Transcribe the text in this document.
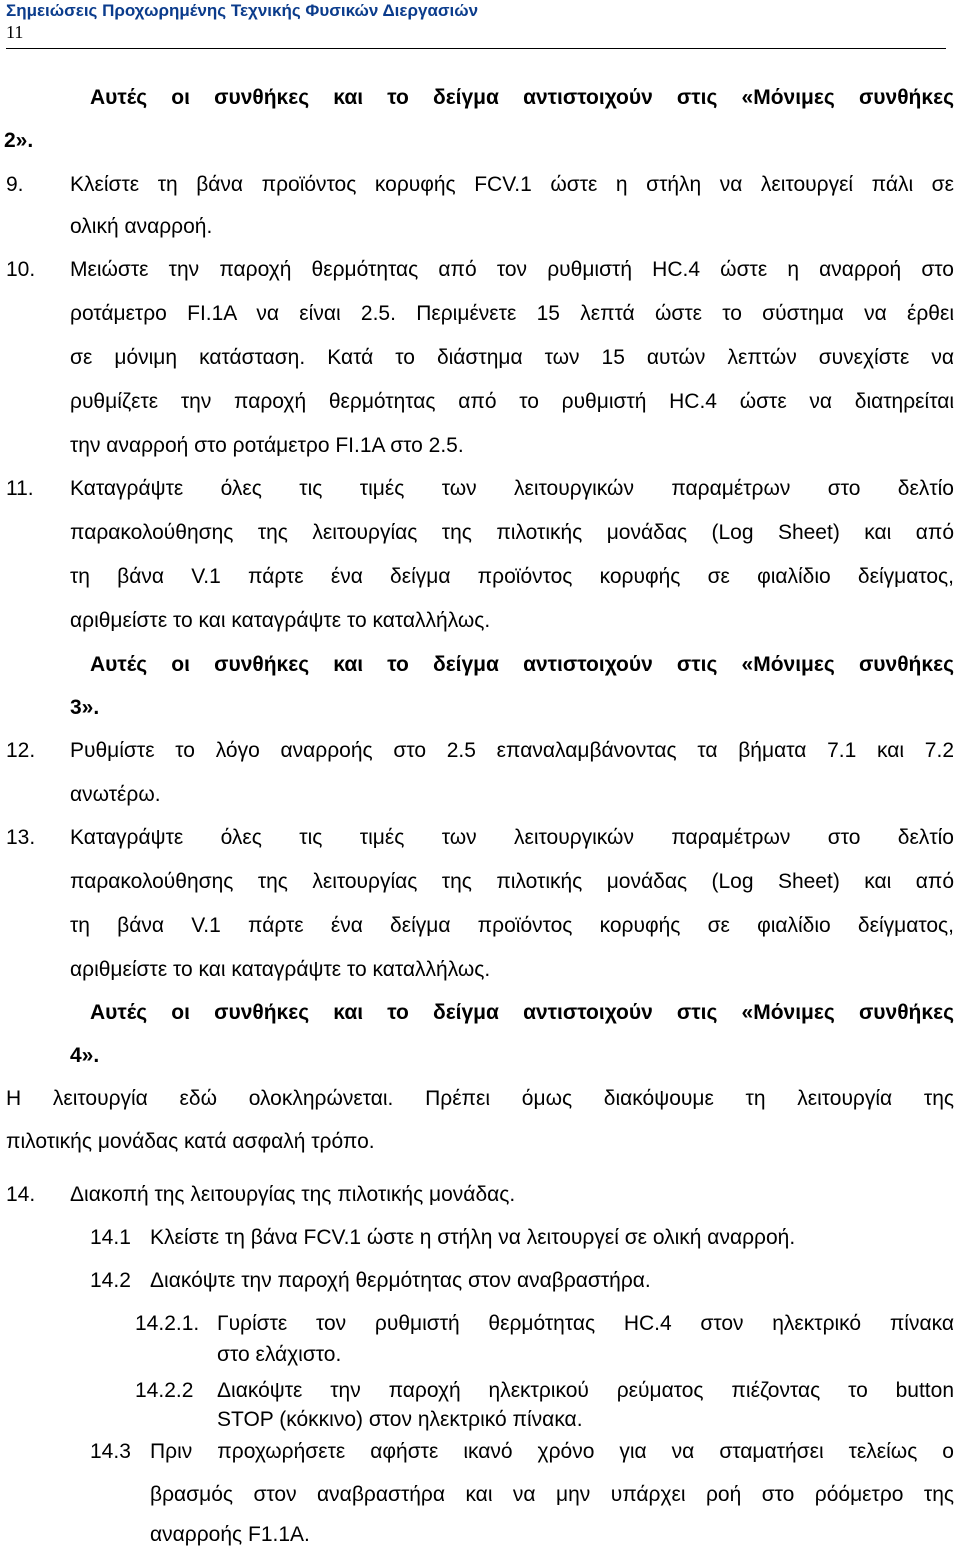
Σημειώσεις Προχωρημένης Τεχνικής Φυσικών Διεργασιών
11

Αυτές οι συνθήκες και το δείγμα αντιστοιχούν στις «Μόνιμες συνθήκες

2».

9. Κλείστε τη βάνα προϊόντος κορυφής FCV.1 ώστε η στήλη να λειτουργεί πάλι σε

ολική αναρροή.

10. Μειώστε την παροχή θερμότητας από τον ρυθμιστή HC.4 ώστε η αναρροή στο

ροτάμετρο FI.1A να είναι 2.5. Περιμένετε 15 λεπτά ώστε το σύστημα να έρθει

σε μόνιμη κατάσταση. Κατά το διάστημα των 15 αυτών λεπτών συνεχίστε να

ρυθμίζετε την παροχή θερμότητας από το ρυθμιστή HC.4 ώστε να διατηρείται

την αναρροή στο ροτάμετρο FI.1A στο 2.5.

11. Καταγράψτε όλες τις τιμές των λειτουργικών παραμέτρων στο δελτίο

παρακολούθησης της λειτουργίας της πιλοτικής μονάδας (Log Sheet) και από

τη βάνα V.1 πάρτε ένα δείγμα προϊόντος κορυφής σε φιαλίδιο δείγματος,

αριθμείστε το και καταγράψτε το καταλλήλως.

Αυτές οι συνθήκες και το δείγμα αντιστοιχούν στις «Μόνιμες συνθήκες

3».

12. Ρυθμίστε το λόγο αναρροής στο 2.5 επαναλαμβάνοντας τα βήματα 7.1 και 7.2

ανωτέρω.

13. Καταγράψτε όλες τις τιμές των λειτουργικών παραμέτρων στο δελτίο

παρακολούθησης της λειτουργίας της πιλοτικής μονάδας (Log Sheet) και από

τη βάνα V.1 πάρτε ένα δείγμα προϊόντος κορυφής σε φιαλίδιο δείγματος,

αριθμείστε το και καταγράψτε το καταλλήλως.

Αυτές οι συνθήκες και το δείγμα αντιστοιχούν στις «Μόνιμες συνθήκες

4».

Η λειτουργία εδώ ολοκληρώνεται. Πρέπει όμως διακόψουμε τη λειτουργία της

πιλοτικής μονάδας κατά ασφαλή τρόπο.

14. Διακοπή της λειτουργίας της πιλοτικής μονάδας.

14.1 Κλείστε τη βάνα FCV.1 ώστε η στήλη να λειτουργεί σε ολική αναρροή.

14.2 Διακόψτε την παροχή θερμότητας στον αναβραστήρα.

14.2.1. Γυρίστε τον ρυθμιστή θερμότητας HC.4 στον ηλεκτρικό πίνακα

στο ελάχιστο.

14.2.2 Διακόψτε την παροχή ηλεκτρικού ρεύματος πιέζοντας το button

STOP (κόκκινο) στον ηλεκτρικό πίνακα.

14.3 Πριν προχωρήσετε αφήστε ικανό χρόνο για να σταματήσει τελείως ο

βρασμός στον αναβραστήρα και να μην υπάρχει ροή στο ρόόμετρο της

αναρροής F1.1A.
